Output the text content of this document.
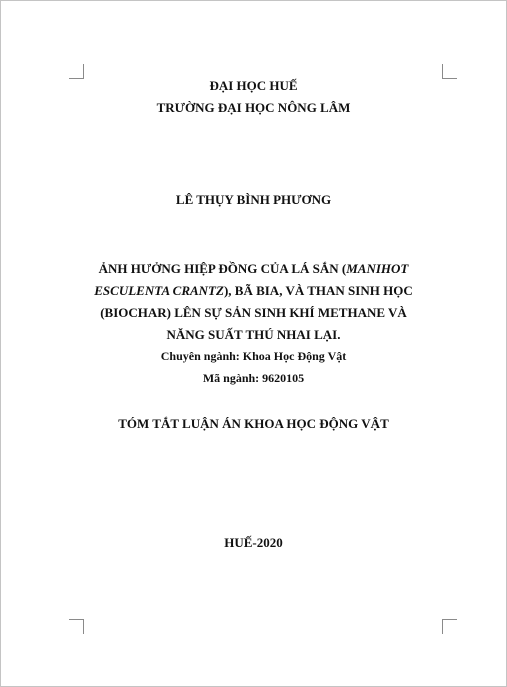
ĐẠI HỌC HUẾ
TRƯỜNG ĐẠI HỌC NÔNG LÂM
LÊ THỤY BÌNH PHƯƠNG
ẢNH HƯỞNG HIỆP ĐỒNG CỦA LÁ SẮN (MANIHOT ESCULENTA CRANTZ), BÃ BIA, VÀ THAN SINH HỌC (BIOCHAR) LÊN SỰ SẢN SINH KHÍ METHANE VÀ NĂNG SUẤT THÚ NHAI LẠI.
Chuyên ngành: Khoa Học Động Vật
Mã ngành: 9620105
TÓM TẮT LUẬN ÁN KHOA HỌC ĐỘNG VẬT
HUẾ-2020
